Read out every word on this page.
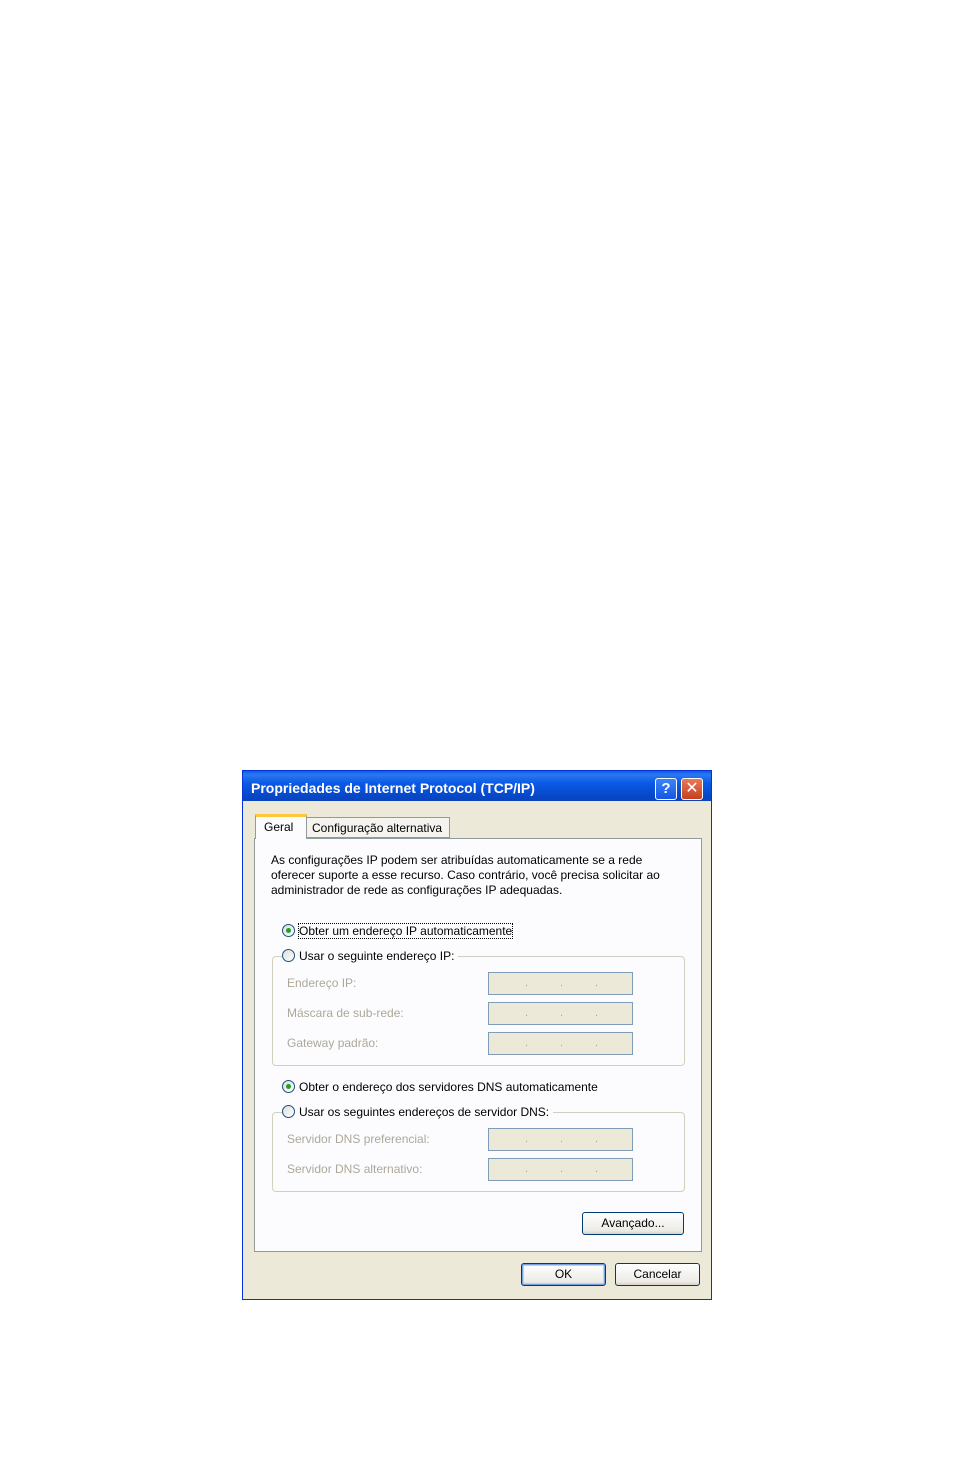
Propriedades de Internet Protocol (TCP/IP)	? ✕
Geral	Configuração alternativa
As configurações IP podem ser atribuídas automaticamente se a rede oferecer suporte a esse recurso. Caso contrário, você precisa solicitar ao administrador de rede as configurações IP adequadas.
Obter um endereço IP automaticamente
Usar o seguinte endereço IP:
Endereço IP:	.	.	.
Máscara de sub-rede:	.	.	.
Gateway padrão:	.	.	.
Obter o endereço dos servidores DNS automaticamente
Usar os seguintes endereços de servidor DNS:
Servidor DNS preferencial:	.	.	.
Servidor DNS alternativo:	.	.	.
Avançado...
OK	Cancelar
